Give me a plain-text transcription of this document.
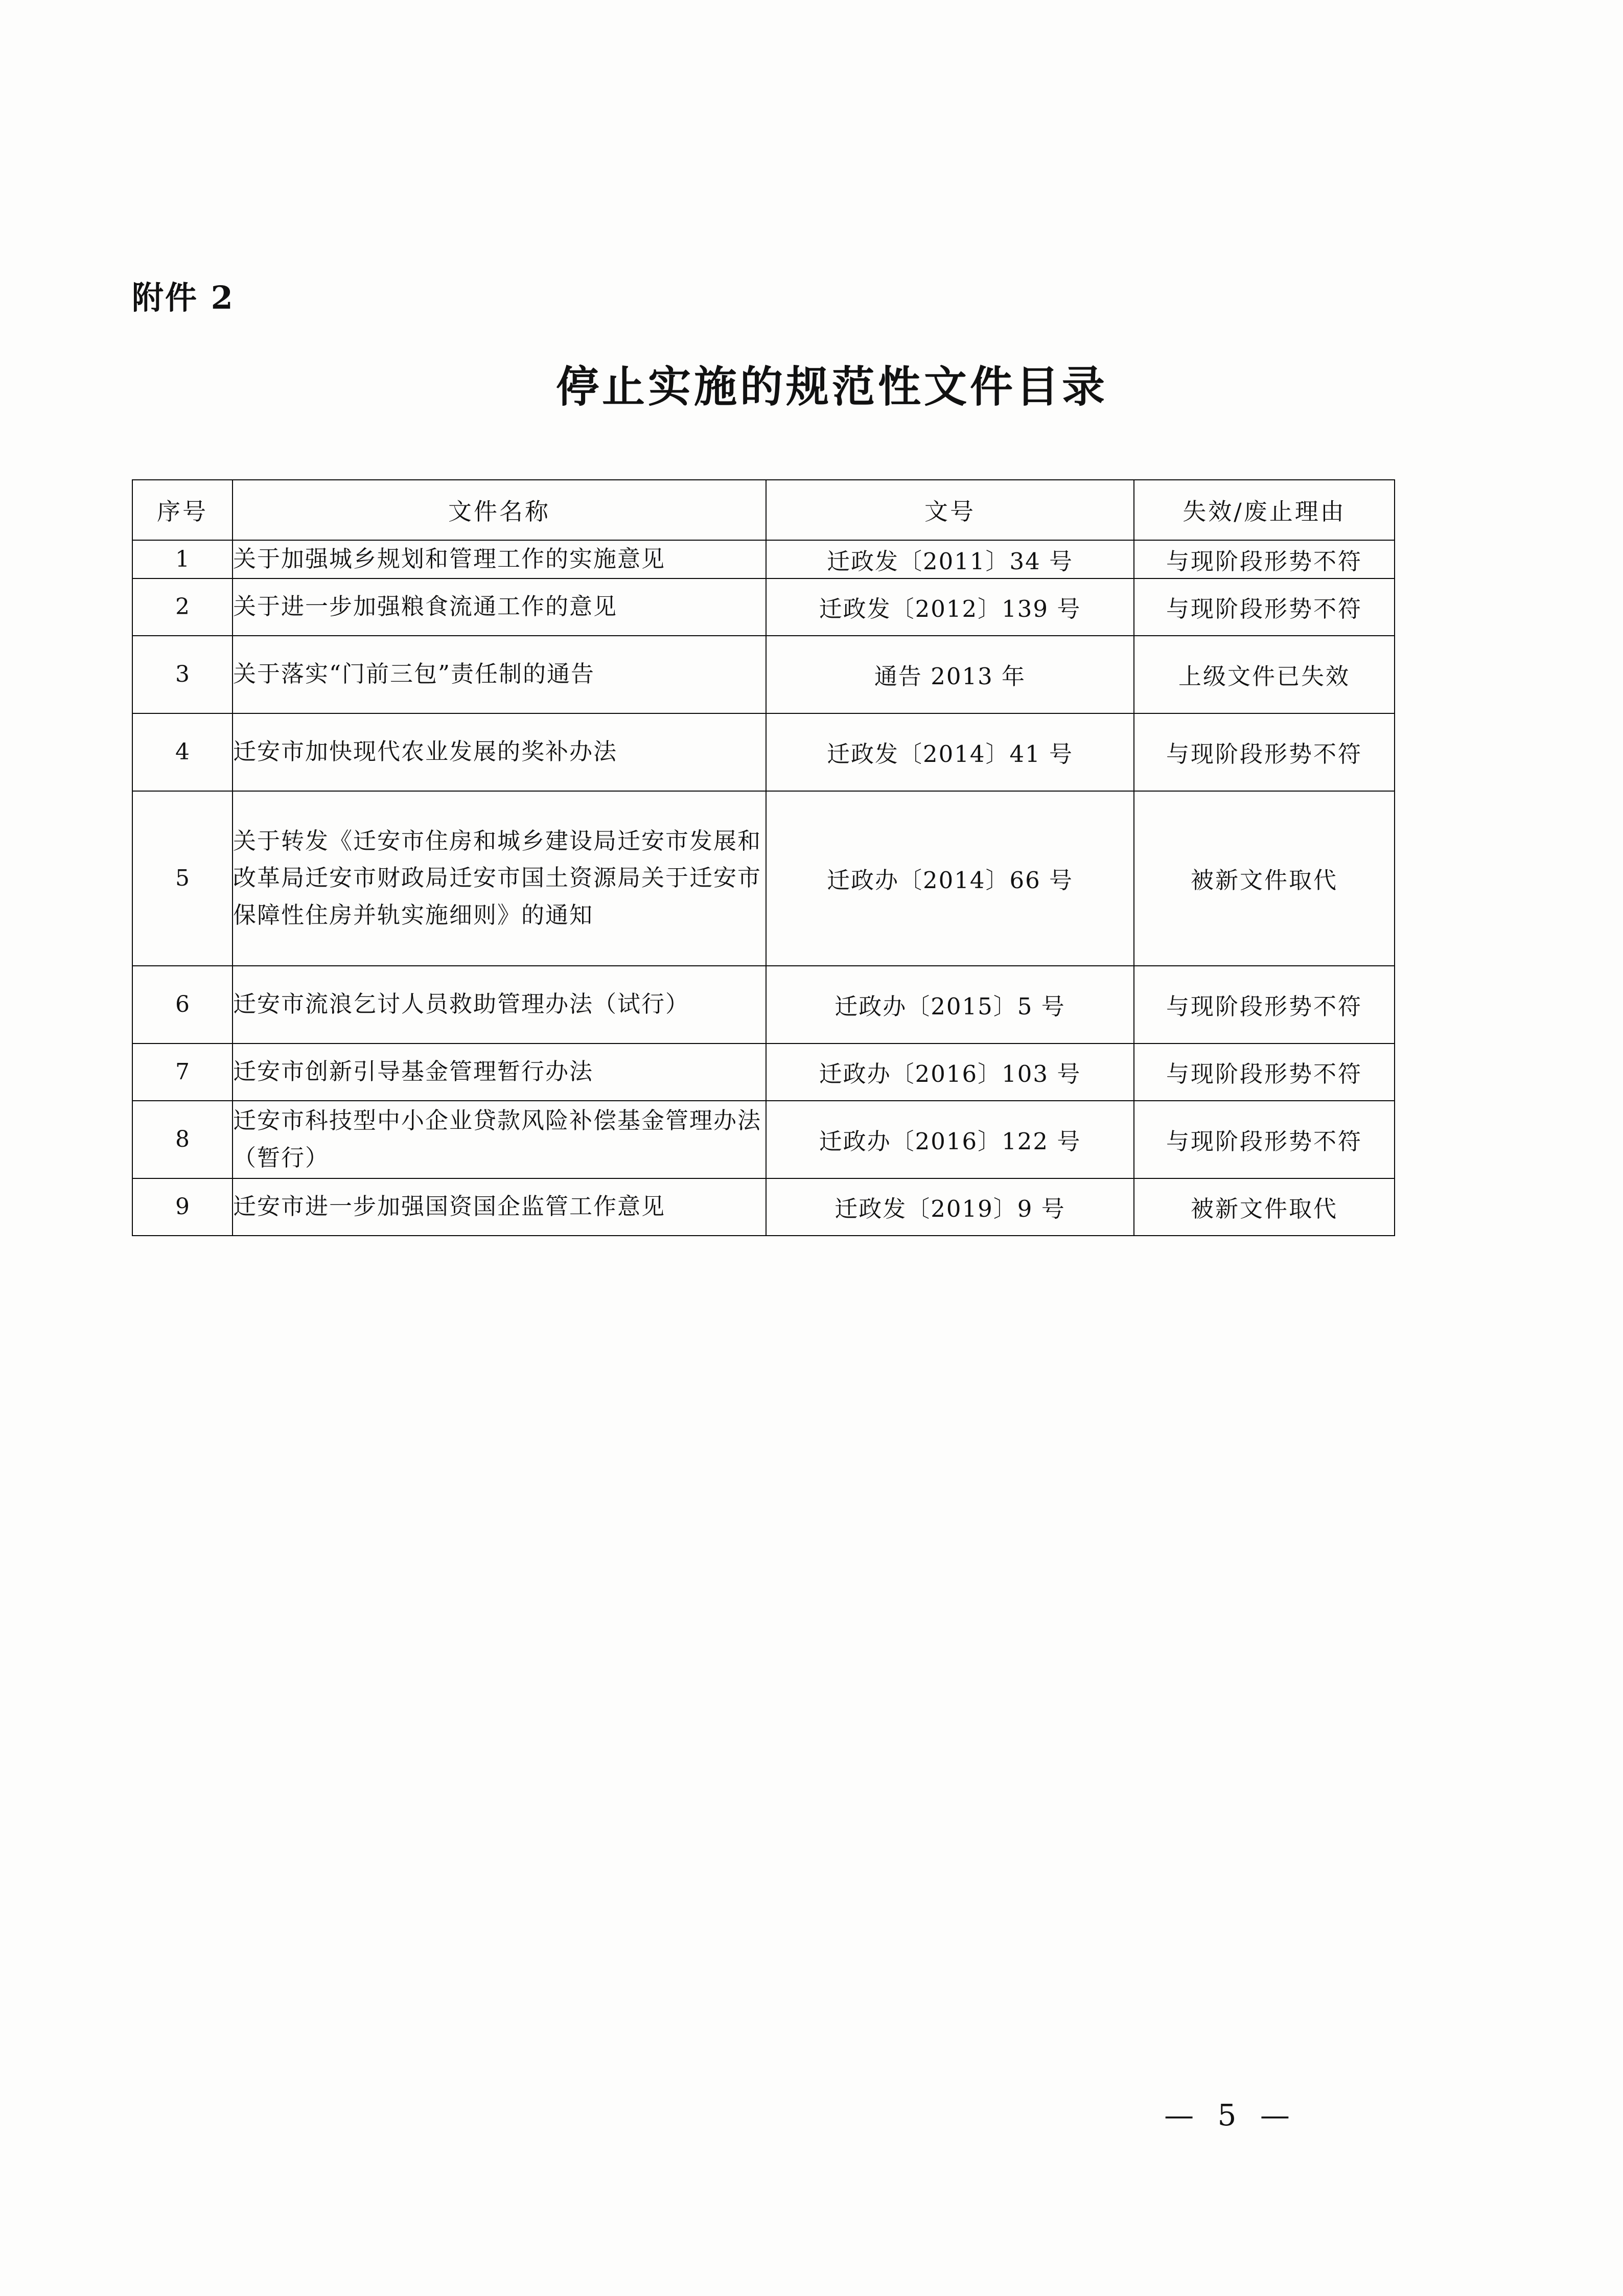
附件 2
停止实施的规范性文件目录
序号	文件名称	文号	失效/废止理由
1	关于加强城乡规划和管理工作的实施意见	迁政发〔2011〕34 号	与现阶段形势不符
2	关于进一步加强粮食流通工作的意见	迁政发〔2012〕139 号	与现阶段形势不符
3	关于落实“门前三包”责任制的通告	通告 2013 年	上级文件已失效
4	迁安市加快现代农业发展的奖补办法	迁政发〔2014〕41 号	与现阶段形势不符
5	关于转发《迁安市住房和城乡建设局迁安市发展和改革局迁安市财政局迁安市国土资源局关于迁安市保障性住房并轨实施细则》的通知	迁政办〔2014〕66 号	被新文件取代
6	迁安市流浪乞讨人员救助管理办法（试行）	迁政办〔2015〕5 号	与现阶段形势不符
7	迁安市创新引导基金管理暂行办法	迁政办〔2016〕103 号	与现阶段形势不符
8	迁安市科技型中小企业贷款风险补偿基金管理办法（暂行）	迁政办〔2016〕122 号	与现阶段形势不符
9	迁安市进一步加强国资国企监管工作意见	迁政发〔2019〕9 号	被新文件取代
— 5 —
